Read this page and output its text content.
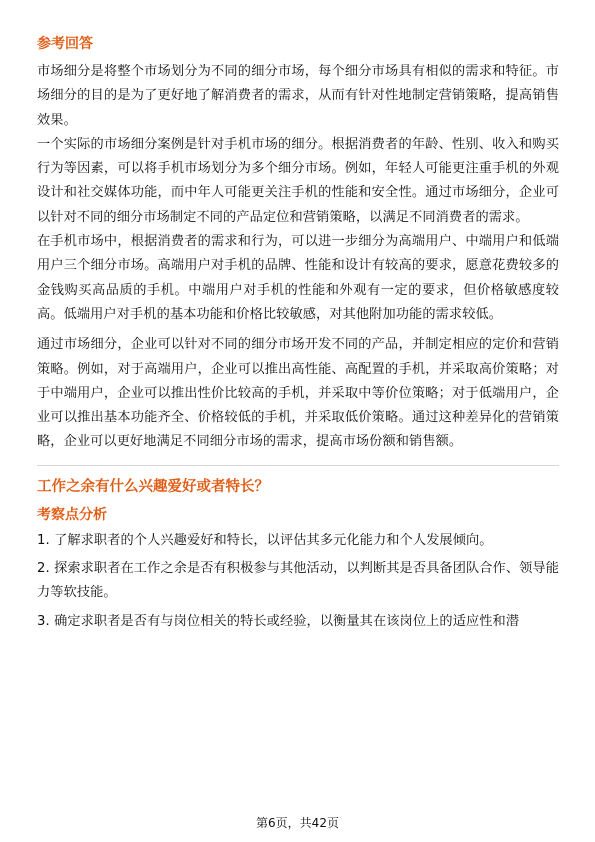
参考回答

市场细分是将整个市场划分为不同的细分市场，每个细分市场具有相似的需求和特征。市场细分的目的是为了更好地了解消费者的需求，从而有针对性地制定营销策略，提高销售效果。

一个实际的市场细分案例是针对手机市场的细分。根据消费者的年龄、性别、收入和购买行为等因素，可以将手机市场划分为多个细分市场。例如，年轻人可能更注重手机的外观设计和社交媒体功能，而中年人可能更关注手机的性能和安全性。通过市场细分，企业可以针对不同的细分市场制定不同的产品定位和营销策略，以满足不同消费者的需求。

在手机市场中，根据消费者的需求和行为，可以进一步细分为高端用户、中端用户和低端用户三个细分市场。高端用户对手机的品牌、性能和设计有较高的要求，愿意花费较多的金钱购买高品质的手机。中端用户对手机的性能和外观有一定的要求，但价格敏感度较高。低端用户对手机的基本功能和价格比较敏感，对其他附加功能的需求较低。

通过市场细分，企业可以针对不同的细分市场开发不同的产品，并制定相应的定价和营销策略。例如，对于高端用户，企业可以推出高性能、高配置的手机，并采取高价策略；对于中端用户，企业可以推出性价比较高的手机，并采取中等价位策略；对于低端用户，企业可以推出基本功能齐全、价格较低的手机，并采取低价策略。通过这种差异化的营销策略，企业可以更好地满足不同细分市场的需求，提高市场份额和销售额。

工作之余有什么兴趣爱好或者特长？

考察点分析

1. 了解求职者的个人兴趣爱好和特长，以评估其多元化能力和个人发展倾向。

2. 探索求职者在工作之余是否有积极参与其他活动，以判断其是否具备团队合作、领导能力等软技能。

3. 确定求职者是否有与岗位相关的特长或经验，以衡量其在该岗位上的适应性和潜

第6页，共42页
